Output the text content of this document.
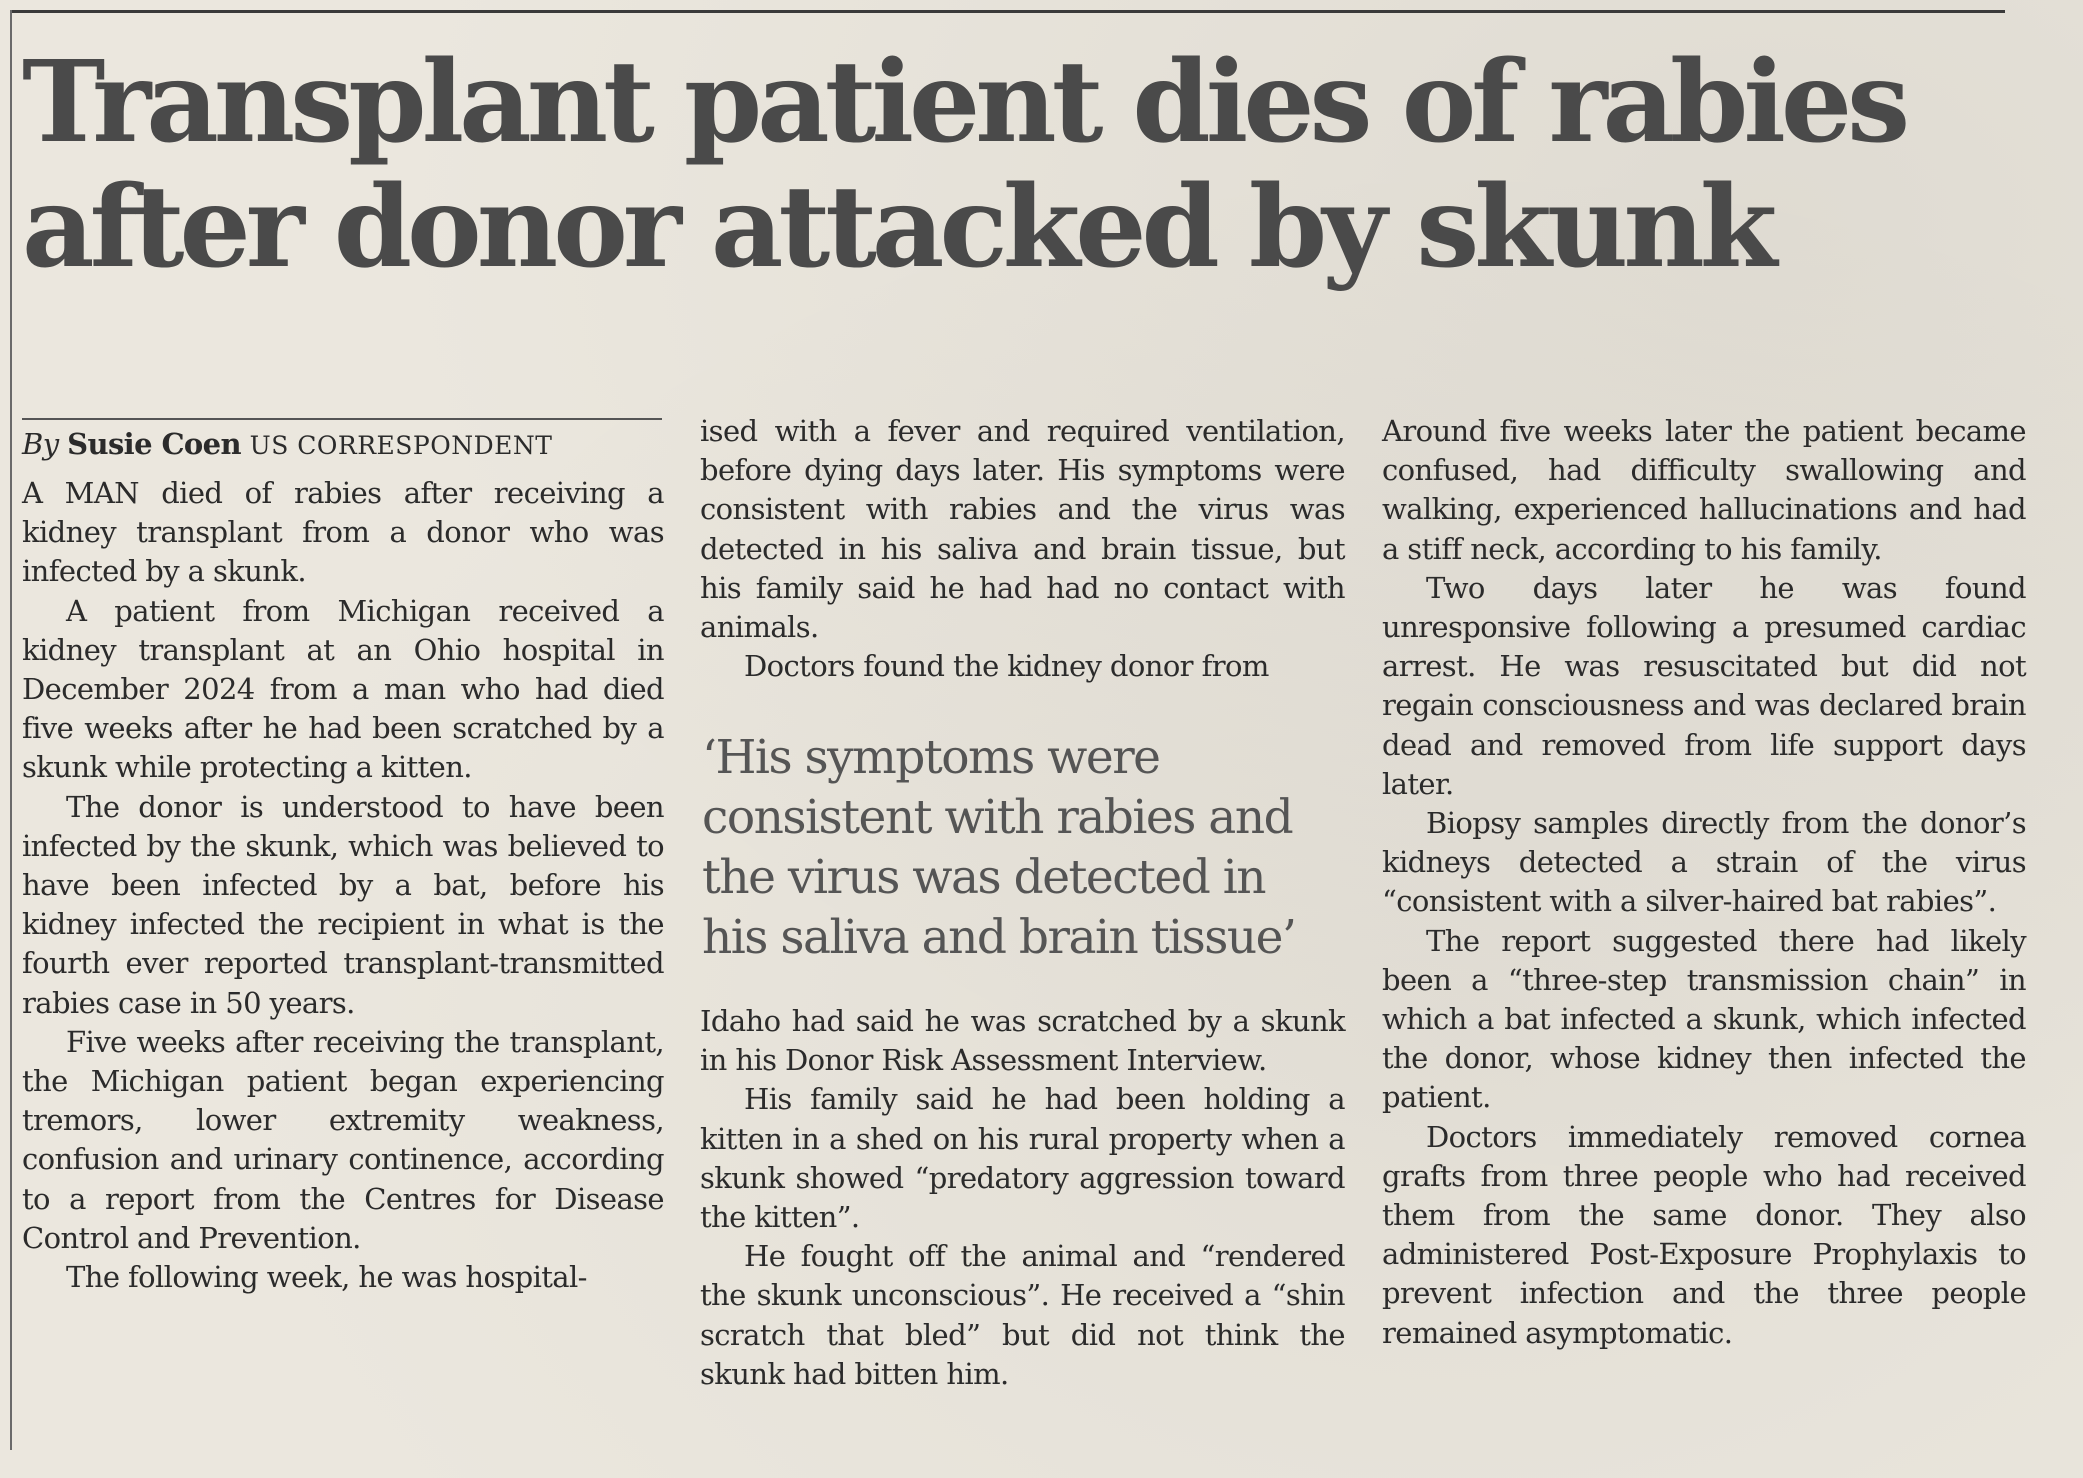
Transplant patient dies of rabies
after donor attacked by skunk
By Susie Coen US CORRESPONDENT

A MAN died of rabies after receiving a kidney transplant from a donor who was infected by a skunk.

A patient from Michigan received a kidney transplant at an Ohio hospital in December 2024 from a man who had died five weeks after he had been scratched by a skunk while protecting a kitten.

The donor is understood to have been infected by the skunk, which was believed to have been infected by a bat, before his kidney infected the recipient in what is the fourth ever reported transplant-transmitted rabies case in 50 years.

Five weeks after receiving the transplant, the Michigan patient began experiencing tremors, lower extremity weakness, confusion and urinary continence, according to a report from the Centres for Disease Control and Prevention.

The following week, he was hospital-

ised with a fever and required ventilation, before dying days later. His symptoms were consistent with rabies and the virus was detected in his saliva and brain tissue, but his family said he had had no contact with animals.

Doctors found the kidney donor from

‘His symptoms were
consistent with rabies and
the virus was detected in
his saliva and brain tissue’

Idaho had said he was scratched by a skunk in his Donor Risk Assessment Interview.

His family said he had been holding a kitten in a shed on his rural property when a skunk showed “predatory aggression toward the kitten”.

He fought off the animal and “rendered the skunk unconscious”. He received a “shin scratch that bled” but did not think the skunk had bitten him.

Around five weeks later the patient became confused, had difficulty swallowing and walking, experienced hallucinations and had a stiff neck, according to his family.

Two days later he was found unresponsive following a presumed cardiac arrest. He was resuscitated but did not regain consciousness and was declared brain dead and removed from life support days later.

Biopsy samples directly from the donor’s kidneys detected a strain of the virus “consistent with a silver-haired bat rabies”.

The report suggested there had likely been a “three-step transmission chain” in which a bat infected a skunk, which infected the donor, whose kidney then infected the patient.

Doctors immediately removed cornea grafts from three people who had received them from the same donor. They also administered Post-Exposure Prophylaxis to prevent infection and the three people remained asymptomatic.
